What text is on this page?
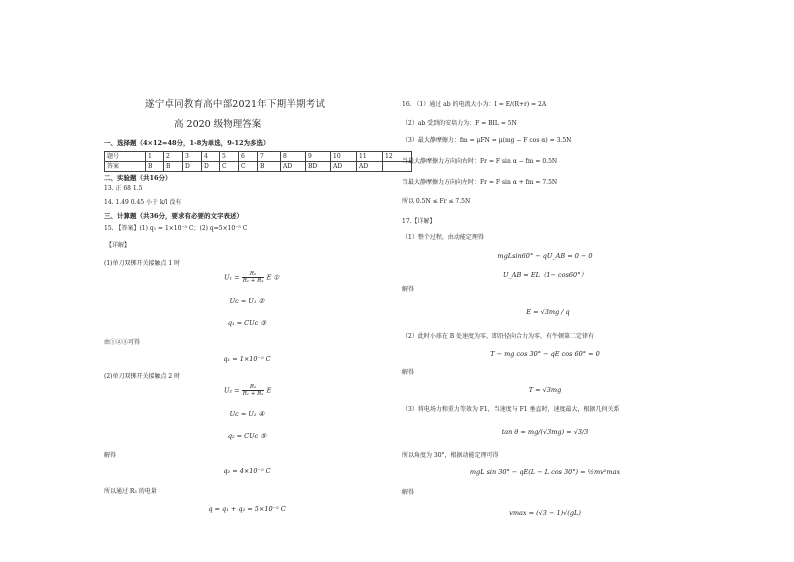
遂宁卓同教育高中部2021年下期半期考试
高 2020 级物理答案
一、选择题（4×12=48分，1-8为单选，9-12为多选）
题号	1	2	3	4	5	6	7	8	9	10	11	12
答案	B	B	D	D	C	C	B	AD	BD	AD	AD	
二、实验题（共16分）
13. 正 68 1.5
14. 1.49 0.45 小于 k/l 没有
三、计算题（共36分，要求有必要的文字表述）
15. 【答案】(1) q₁ = 1×10⁻⁵ C；(2) q=5×10⁻⁵ C
【详解】
(1)单刀双掷开关接触点 1 时
$U_1 = \frac{\text{R₂}}{\text{R₁ + R₂}}$ E ①
Uc = U₁ ②
q₁ = CUc ③
由①②③可得
q₁ = 1×10⁻⁵ C
(2)单刀双掷开关接触点 2 时
$U_2 = \frac{\text{R₁}}{\text{R₁ + R₂}}$ E
Uc = U₂ ④
q₂ = CUc ⑤
解得
q₂ = 4×10⁻⁵ C
所以通过 R₃ 的电量
q = q₁ + q₂ = 5×10⁻⁵ C
16. （1）通过 ab 的电流大小为：I = E/(R+r) = 2A
（2）ab 受到的安培力为：F = BIL = 5N
（3）最大静摩擦力：fm = μFN = μ(mg − F cos α) = 3.5N
当最大静摩擦力方向向右时：Fr = F sin α − fm = 0.5N
当最大静摩擦力方向向左时：Fr = F sin α + fm = 7.5N
所以 0.5N ≤ Fr ≤ 7.5N
17.【详解】
（1）整个过程，由动能定理得
mgLsin60° − qU_AB = 0 − 0
U_AB = EL（1− cos60°）
解得
E = √3mg / q
（2）此时小球在 B 处速度为零，即沿径向合力为零，有牛顿第二定律有
T − mg cos 30° − qE cos 60° = 0
解得
T = √3mg
（3）将电场力和重力等效为 F1，当速度与 F1 垂直时，速度最大，根据几何关系
tan θ = mg/(√3mg) = √3/3
所以角度为 30°，根据动能定理可得
mgL sin 30° − qE(L − L cos 30°) = ½mv²max
解得
vmax = (√3 − 1)√(gL)
